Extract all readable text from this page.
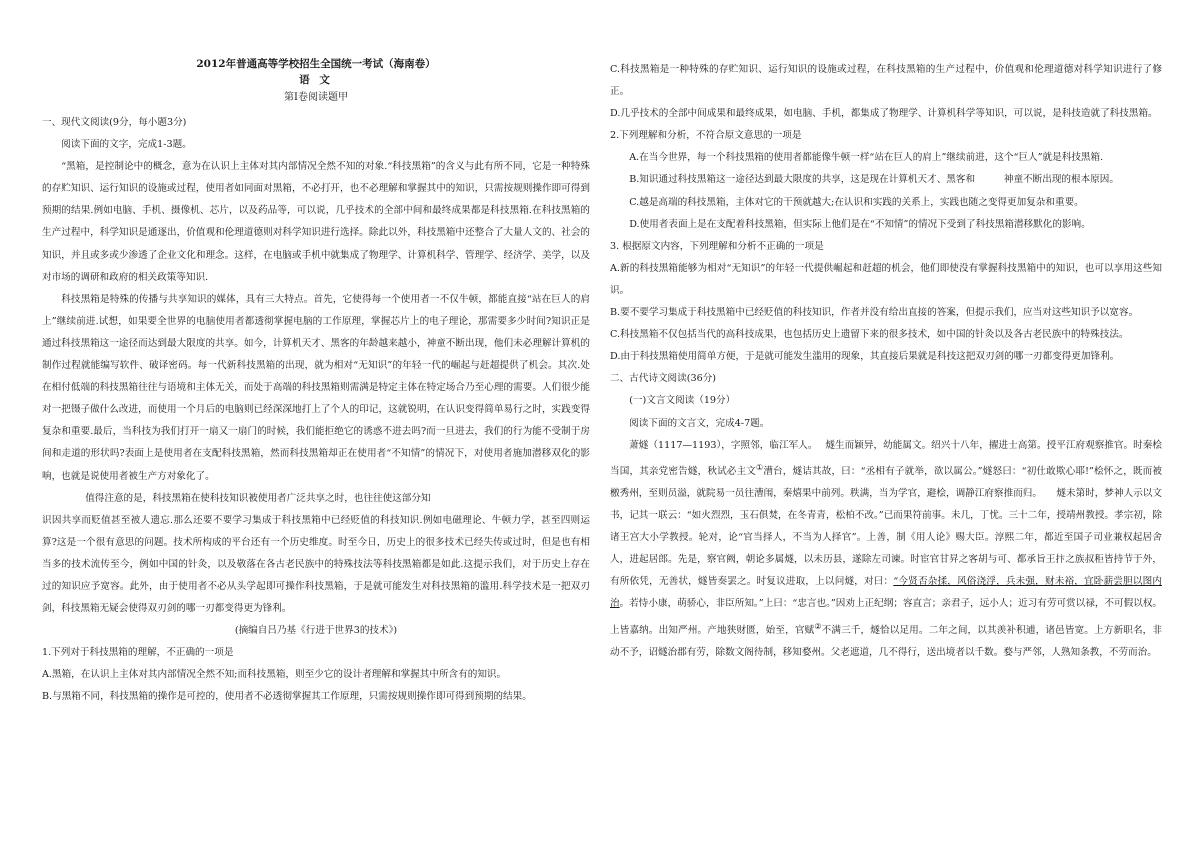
2012年普通高等学校招生全国统一考试（海南卷）
语 文
第Ⅰ卷阅读题甲

一、现代文阅读(9分，每小题3分)

阅读下面的文字，完成1-3题。

“黑箱，是控制论中的概念，意为在认识上主体对其内部情况全然不知的对象.“科技黑箱”的含义与此有所不同，它是一种特殊的存贮知识、运行知识的设施或过程，使用者如同面对黑箱，不必打开，也不必理解和掌握其中的知识，只需按规则操作即可得到预期的结果.例如电脑、手机、摄像机、芯片，以及药品等，可以说，几乎技术的全部中间和最终成果都是科技黑箱.在科技黑箱的生产过程中，科学知识是通逐出，价值观和伦理道德则对科学知识进行选择。除此以外，科技黑箱中还整合了大量人文的、社会的知识，并且或多或少渗透了企业文化和理念。这样，在电脑或手机中就集成了物理学、计算机科学、管理学、经济学、美学，以及对市场的调研和政府的相关政策等知识.

科技黑箱是特殊的传播与共享知识的媒体，具有三大特点。首先，它使得每一个使用者一不仅牛顿，都能直接“站在巨人的肩上”继续前进.试想，如果要全世界的电脑使用者都透彻掌握电脑的工作原理，掌握芯片上的电子理论，那需要多少时间?知识正是通过科技黑箱这一途径而达到最大限度的共享。如今，计算机天才、黑客的年龄越来越小，神童不断出现，他们未必理解计算机的制作过程就能编写软件、破译密码。每一代新科技黑箱的出现，就为相对“无知识”的年轻一代的崛起与赶超提供了机会。其次.处在相付低端的科技黑箱往往与语境和主体无关，而处于高端的科技黑箱则需满是特定主体在特定场合乃至心理的需要。人们很少能对一把镊子做什么改进，而使用一个月后的电脑则已经深深地打上了个人的印记，这就锐明，在认识变得简单易行之时，实践变得复杂和重要.最后，当科技为我们打开一扇又一扇门的时候，我们能拒绝它的诱惑不进去吗?而一旦进去，我们的行为能不受制于房间和走道的形状吗?表面上是使用者在支配科技黑箱，然而科技黑箱却正在使用者“不知情”的情况下，对使用者施加潜移双化的影响，也就是说使用者被生产方对象化了。

值得注意的是，科技黑箱在使科技知识被使用者广泛共享之时，也往往使这部分知

识因共享而贬值甚至被人遗忘.那么还要不要学习集成于科技黑箱中已经贬值的科技知识.例如电磁理论、牛顿力学，甚至四则运算?这是一个很有意思的问题。技术所构成的平台还有一个历史维度。时至今日，历史上的很多技术已经失传或过时，但是也有相当多的技术流传至今，例如中国的针灸，以及敬落在各古老民族中的特殊技法等科技黑箱都是如此.这提示我们，对于历史上存在过的知识应予宽容。此外，由于使用者不必从头学起即可操作科技黑箱，于是就可能发生对科技黑箱的滥用.科学技术是一把双刃剑，科技黑箱无疑会使得双刃剑的哪一刃都变得更为锋利。

(摘编自吕乃基《行进于世界3的技术》)

1.下列对于科技黑箱的理解，不正确的一项是

A.黑箱，在认识上主体对其内部情况全然不知;而科技黑箱，则至少它的设计者理解和掌握其中所含有的知识。

B.与黑箱不同，科技黑箱的操作是可控的，使用者不必透彻掌握其工作原理，只需按规则操作即可得到预期的结果。

C.科技黑箱是一种特殊的存贮知识、运行知识的设施或过程，在科技黑箱的生产过程中，价值观和伦理道德对科学知识进行了修正。

D.几乎技术的全部中间成果和最终成果，如电脑、手机，都集成了物理学、计算机科学等知识，可以说，是科技造就了科技黑箱。

2.下列理解和分析，不符合原文意思的一项是

A.在当今世界，每一个科技黑箱的使用者都能像牛顿一样“站在巨人的肩上”继续前进，这个“巨人”就是科技黑箱.

B.知识通过科技黑箱这一途径达到最大限度的共享，这是现在计算机天才、黑客和　　　神童不断出现的根本原因。

C.越是高端的科技黑箱，主体对它的干预就越大;在认识和实践的关系上，实践也随之变得更加复杂和重要。

D.使用者表面上是在支配着科技黑箱，但实际上他们是在“不知情”的情况下受到了科技黑箱潜移默化的影响。

3. 根据原文内容，下列理解和分析不正确的一项是

A.新的科技黑箱能够为相对“无知识”的年轻一代提供崛起和赶超的机会，他们即使没有掌握科技黑箱中的知识，也可以享用这些知识。

B.要不要学习集成于科技黑箱中已经贬值的科技知识，作者并没有给出直接的答案，但提示我们，应当对这些知识予以宽容。

C.科技黑箱不仅包括当代的高科技成果，也包括历史上遗留下来的很多技术，如中国的针灸以及各古老民族中的特殊技法。

D.由于科技黑箱使用简单方便，于是就可能发生滥用的现象，其直接后果就是科技这把双刃剑的哪一刃都变得更加锋利。

二、古代诗文阅读(36分)

(一)文言文阅读（19分）

阅读下面的文言文，完成4-7题。

萧燧（1117—1193），字照邻，临江军人。　 燧生而颖异，幼能属文。绍兴十八年，擢进士高第。授平江府观察推官。时秦桧当国，其亲党密告燧，秋试必主文①漕台，燧诘其故，曰：“丞相有子就举，欲以属公。”燧怒曰：“初仕敢欺心耶!”桧怀之，既而被檄秀州，至则员溢，就院易一员往漕闱，秦熺果中前列。秩满，当为学官，避桧，调静江府察推而归。　　燧未第时，梦神人示以文书，记其一联云：“如火烈烈，玉石俱焚，在冬青青，松柏不改。”已而果符前事。未几，丁忧。三十二年，授靖州教授。孝宗初，除诸王宫大小学教授。轮对，论“官当择人，不当为人择官”。上善，制《用人论》赐大臣。淳熙二年，都近至国子司业兼权起居舍人，进起居郎。先是，察官阙，朝论多属燧，以未历县，遂除左司谏。时宦官甘昇之客胡与可、都承旨王抃之族叔秬皆持节于外，有所依凭，无善状，燧皆奏罢之。时复议进取，上以问燧，对曰：“今贤否杂揉，风俗浇浮，兵未强，财未裕，宜卧薪尝胆以图内治。若恃小康，萌骄心，非臣所知。”上曰：“忠言也。”因劝上正纪纲；容直言；亲君子，远小人；近习有劳可赏以禄，不可假以权。上皆嘉纳。出知严州。产地狭财匮，始至，官赋②不满三千，燧恰以足用。二年之间，以其羡补积逋，诸邑皆宽。上方新职名，非动不予，诏燧治郡有劳，除数文阁待制，移知婺州。父老遮道，几不得行，送出境者以千数。婺与严邻，人熟知条教，不劳而治。
